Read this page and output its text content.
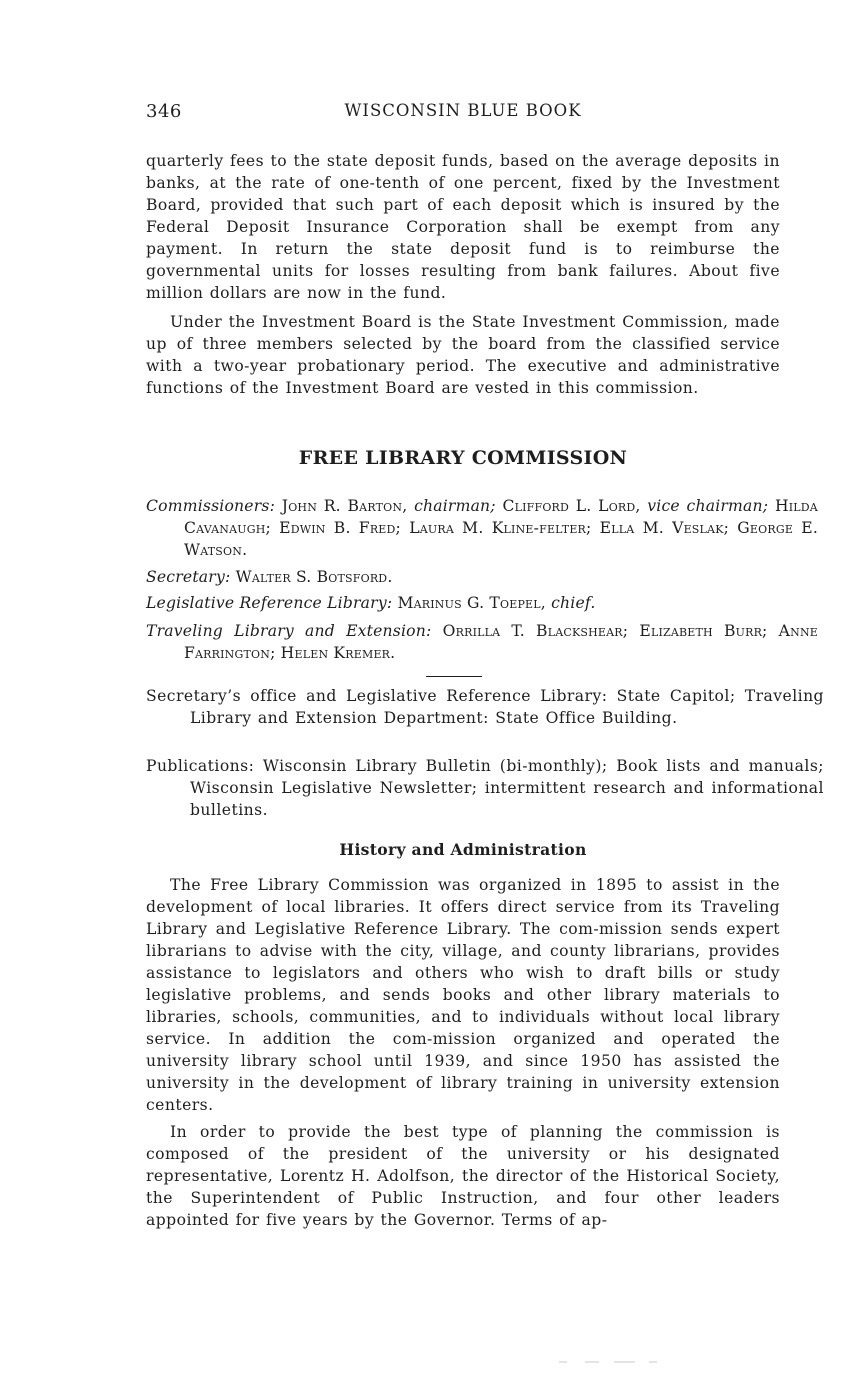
346	WISCONSIN BLUE BOOK

quarterly fees to the state deposit funds, based on the average deposits in banks, at the rate of one-tenth of one percent, fixed by the Investment Board, provided that such part of each deposit which is insured by the Federal Deposit Insurance Corporation shall be exempt from any payment. In return the state deposit fund is to reimburse the governmental units for losses resulting from bank failures. About five million dollars are now in the fund.

Under the Investment Board is the State Investment Commission, made up of three members selected by the board from the classified service with a two-year probationary period. The executive and administrative functions of the Investment Board are vested in this commission.

FREE LIBRARY COMMISSION

Commissioners: John R. Barton, chairman; Clifford L. Lord, vice chairman; Hilda Cavanaugh; Edwin B. Fred; Laura M. Kline-felter; Ella M. Veslak; George E. Watson.

Secretary: Walter S. Botsford.

Legislative Reference Library: Marinus G. Toepel, chief.

Traveling Library and Extension: Orrilla T. Blackshear; Elizabeth Burr; Anne Farrington; Helen Kremer.

Secretary’s office and Legislative Reference Library: State Capitol; Traveling Library and Extension Department: State Office Building.

Publications: Wisconsin Library Bulletin (bi-monthly); Book lists and manuals; Wisconsin Legislative Newsletter; intermittent research and informational bulletins.

History and Administration

The Free Library Commission was organized in 1895 to assist in the development of local libraries. It offers direct service from its Traveling Library and Legislative Reference Library. The com-mission sends expert librarians to advise with the city, village, and county librarians, provides assistance to legislators and others who wish to draft bills or study legislative problems, and sends books and other library materials to libraries, schools, communities, and to individuals without local library service. In addition the com-mission organized and operated the university library school until 1939, and since 1950 has assisted the university in the development of library training in university extension centers.

In order to provide the best type of planning the commission is composed of the president of the university or his designated representative, Lorentz H. Adolfson, the director of the Historical Society, the Superintendent of Public Instruction, and four other leaders appointed for five years by the Governor. Terms of ap-
